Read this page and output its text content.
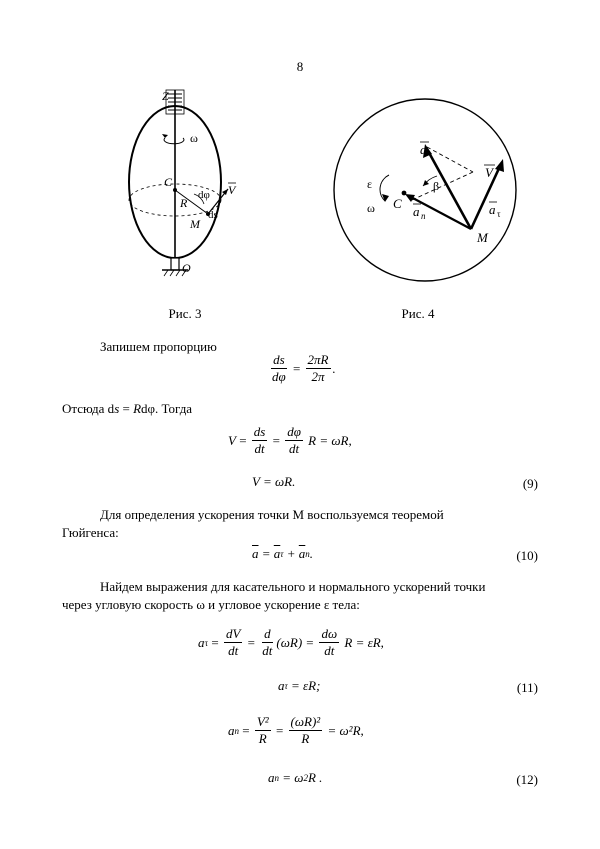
8
Z
ω
C
dφ V
R
ds
M
O
Рис. 3
a
V
ε	β
ω C
a n	a τ
M
Рис. 4
Запишем пропорцию
$\frac{ds}{d\varphi} = \frac{2\pi R}{2\pi}$ .
Отсюда ds = Rdφ. Тогда
V
=
$\frac{ds}{dt} = \frac{d\varphi}{dt}$
R = ωR,
V = ωR.	(9)
Для определения ускорения точки M воспользуемся теоремой
Гюйгенса:
$\overline{a} = \overline{a}$ $\tau + \overline{a}$ n .	(10)
Найдем выражения для касательного и нормального ускорений точки
через угловую скорость ω и угловое ускорение ε тела:
a $\tau = \frac{dV}{dt} = \frac{d}{dt} (\omega R)$ =
$\frac{d\omega}{dt}$
R = εR,
a τ = εR;	(11)
a $n = \frac{\text{V²}}{R} = \frac{\text{(ωR)²}}{R}$
= ω²R,
a n = ω 2 R .	(12)
